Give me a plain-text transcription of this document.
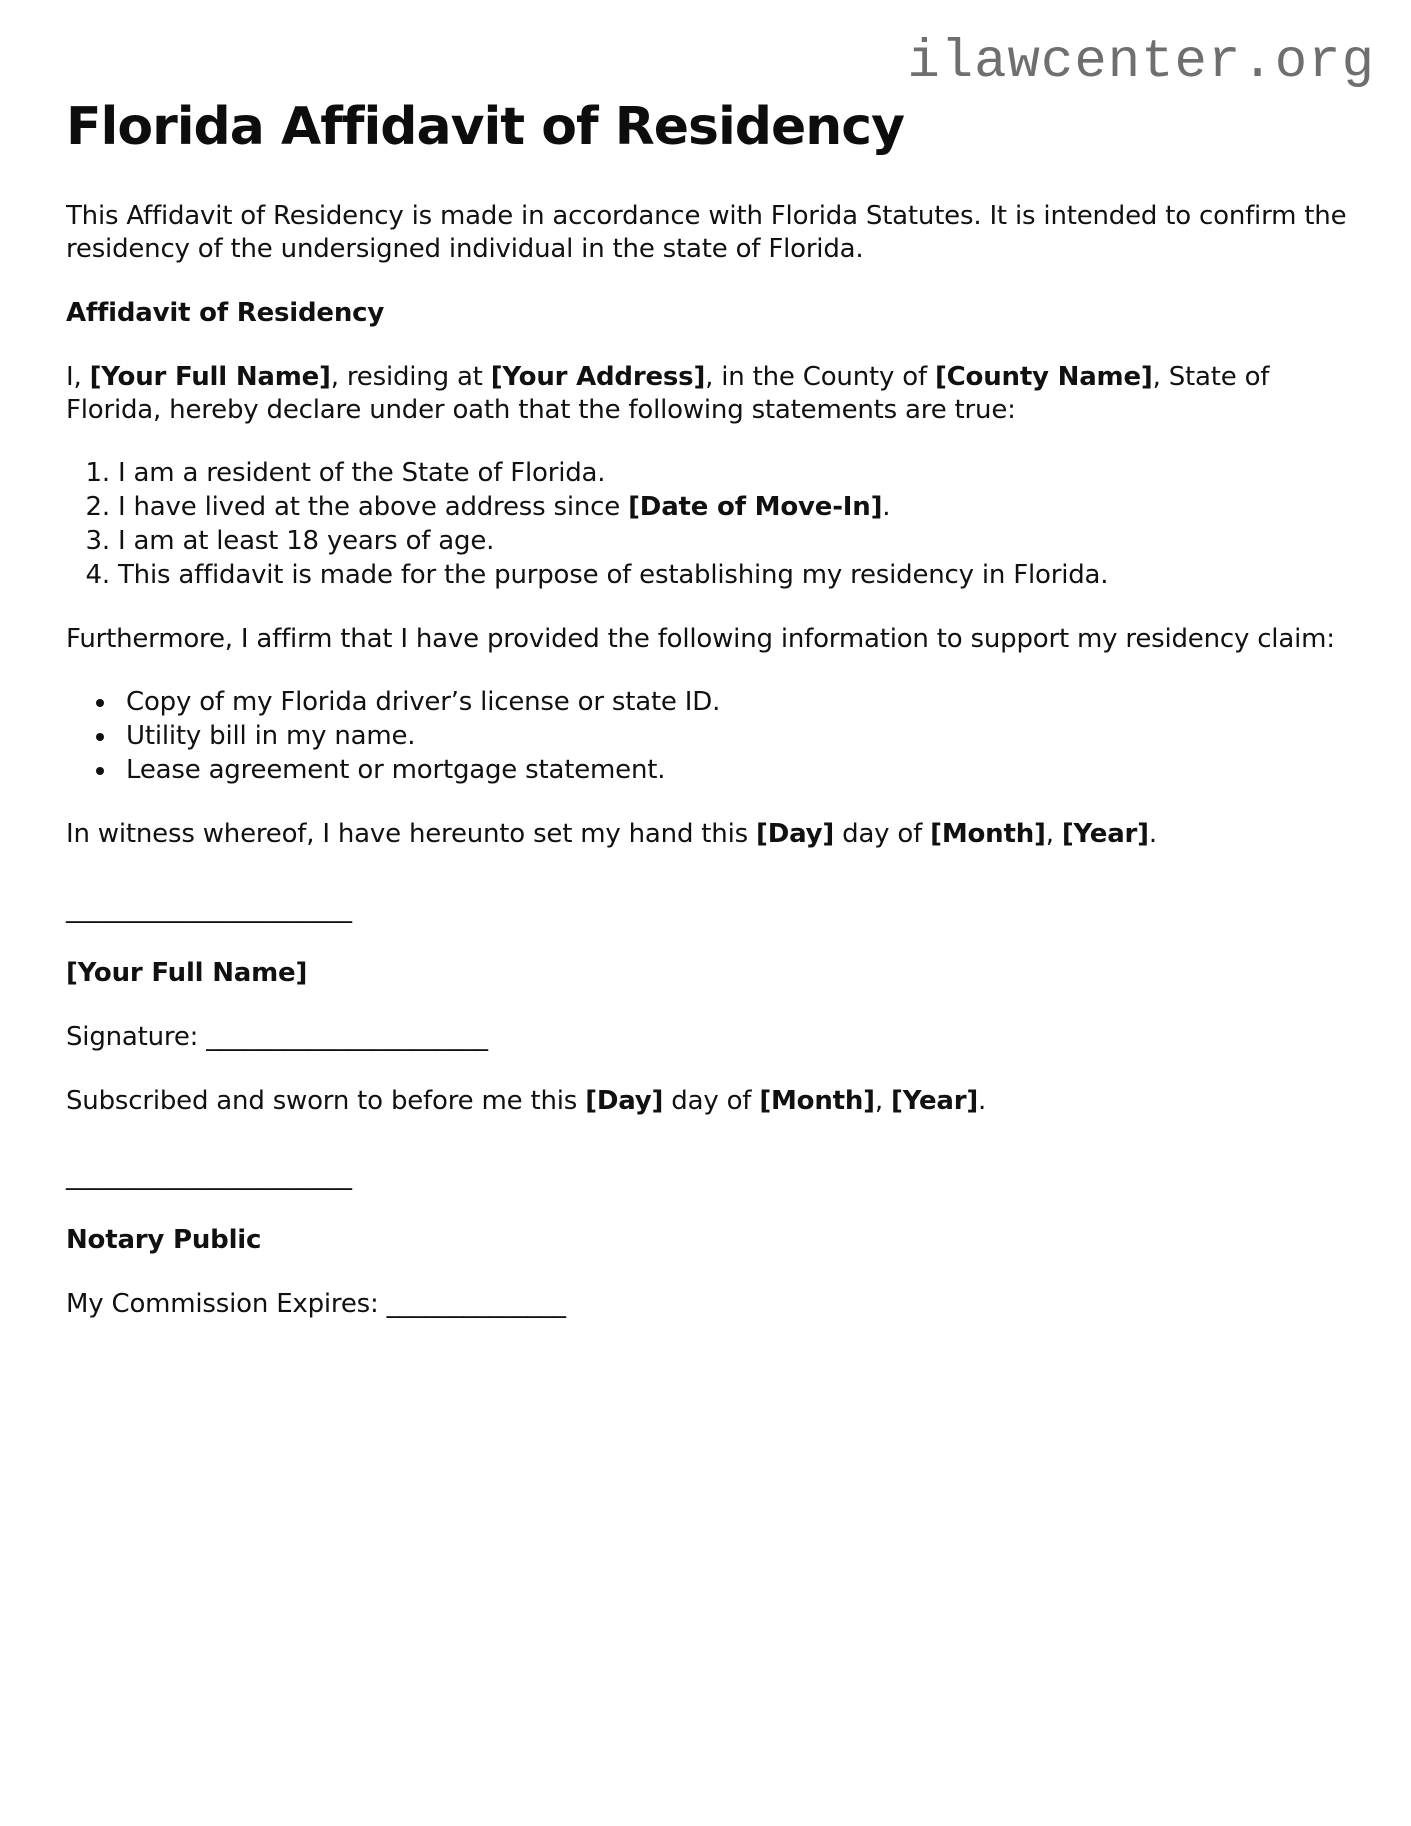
ilawcenter.org
Florida Affidavit of Residency

This Affidavit of Residency is made in accordance with Florida Statutes. It is intended to confirm the residency of the undersigned individual in the state of Florida.

Affidavit of Residency

I, [Your Full Name], residing at [Your Address], in the County of [County Name], State of Florida, hereby declare under oath that the following statements are true:

1. I am a resident of the State of Florida.
2. I have lived at the above address since [Date of Move-In].
3. I am at least 18 years of age.
4. This affidavit is made for the purpose of establishing my residency in Florida.

Furthermore, I affirm that I have provided the following information to support my residency claim:

• Copy of my Florida driver’s license or state ID.
• Utility bill in my name.
• Lease agreement or mortgage statement.

In witness whereof, I have hereunto set my hand this [Day] day of [Month], [Year].

______________________

[Your Full Name]

Signature: ______________________

Subscribed and sworn to before me this [Day] day of [Month], [Year].

______________________

Notary Public

My Commission Expires: ______________
